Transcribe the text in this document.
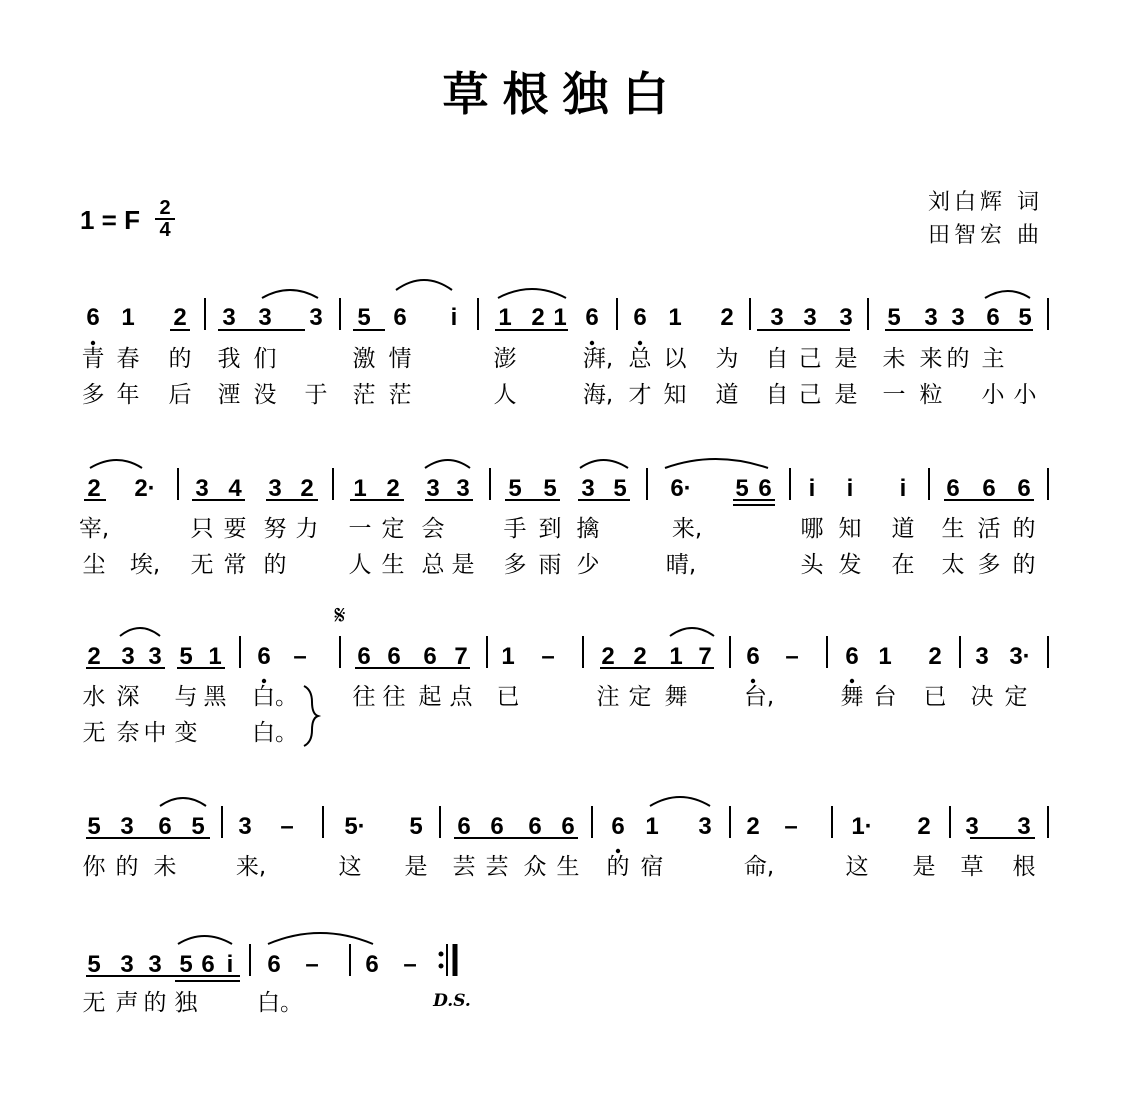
草根独白
1 = F 2
4
刘白辉 词
田智宏 曲
6 1 2 3 3 3 5 6 i 1 2 1 6 6 1 2 3 3 3 5 3 3 6 5
青 春 的 我 们	激 情	澎	湃, 总 以 为 自 己 是 未 来 的 主
多 年 后 湮 没 于 茫 茫	人	海, 才 知 道 自 己 是 一 粒 小 小
2 2· 3 4 3 2 1 2 3 3 5 5 3 5 6· 5 6 i i i 6 6 6
宰,	只 要 努 力 一 定 会	手 到 擒	来,	哪 知 道 生 活 的
尘 埃, 无 常 的	人 生 总 是 多 雨 少	晴,	头 发 在 太 多 的
𝄋
2 3 3 5 1 6 – 6 6 6 7 1 – 2 2 1 7 6 – 6 1 2 3 3·
水 深 与 黑 白。 往 往 起 点 已	注 定 舞 台,	舞 台 已 决 定
无 奈 中 变 白。
5 3 6 5 3 – 5· 5 6 6 6 6 6 1 3 2 – 1· 2 3 3
你 的 未	来,	这 是 芸 芸 众 生 的 宿	命,	这 是 草 根
5 3 3 5 6 i 6 – 6 –
无 声 的 独	白。	D.S.
